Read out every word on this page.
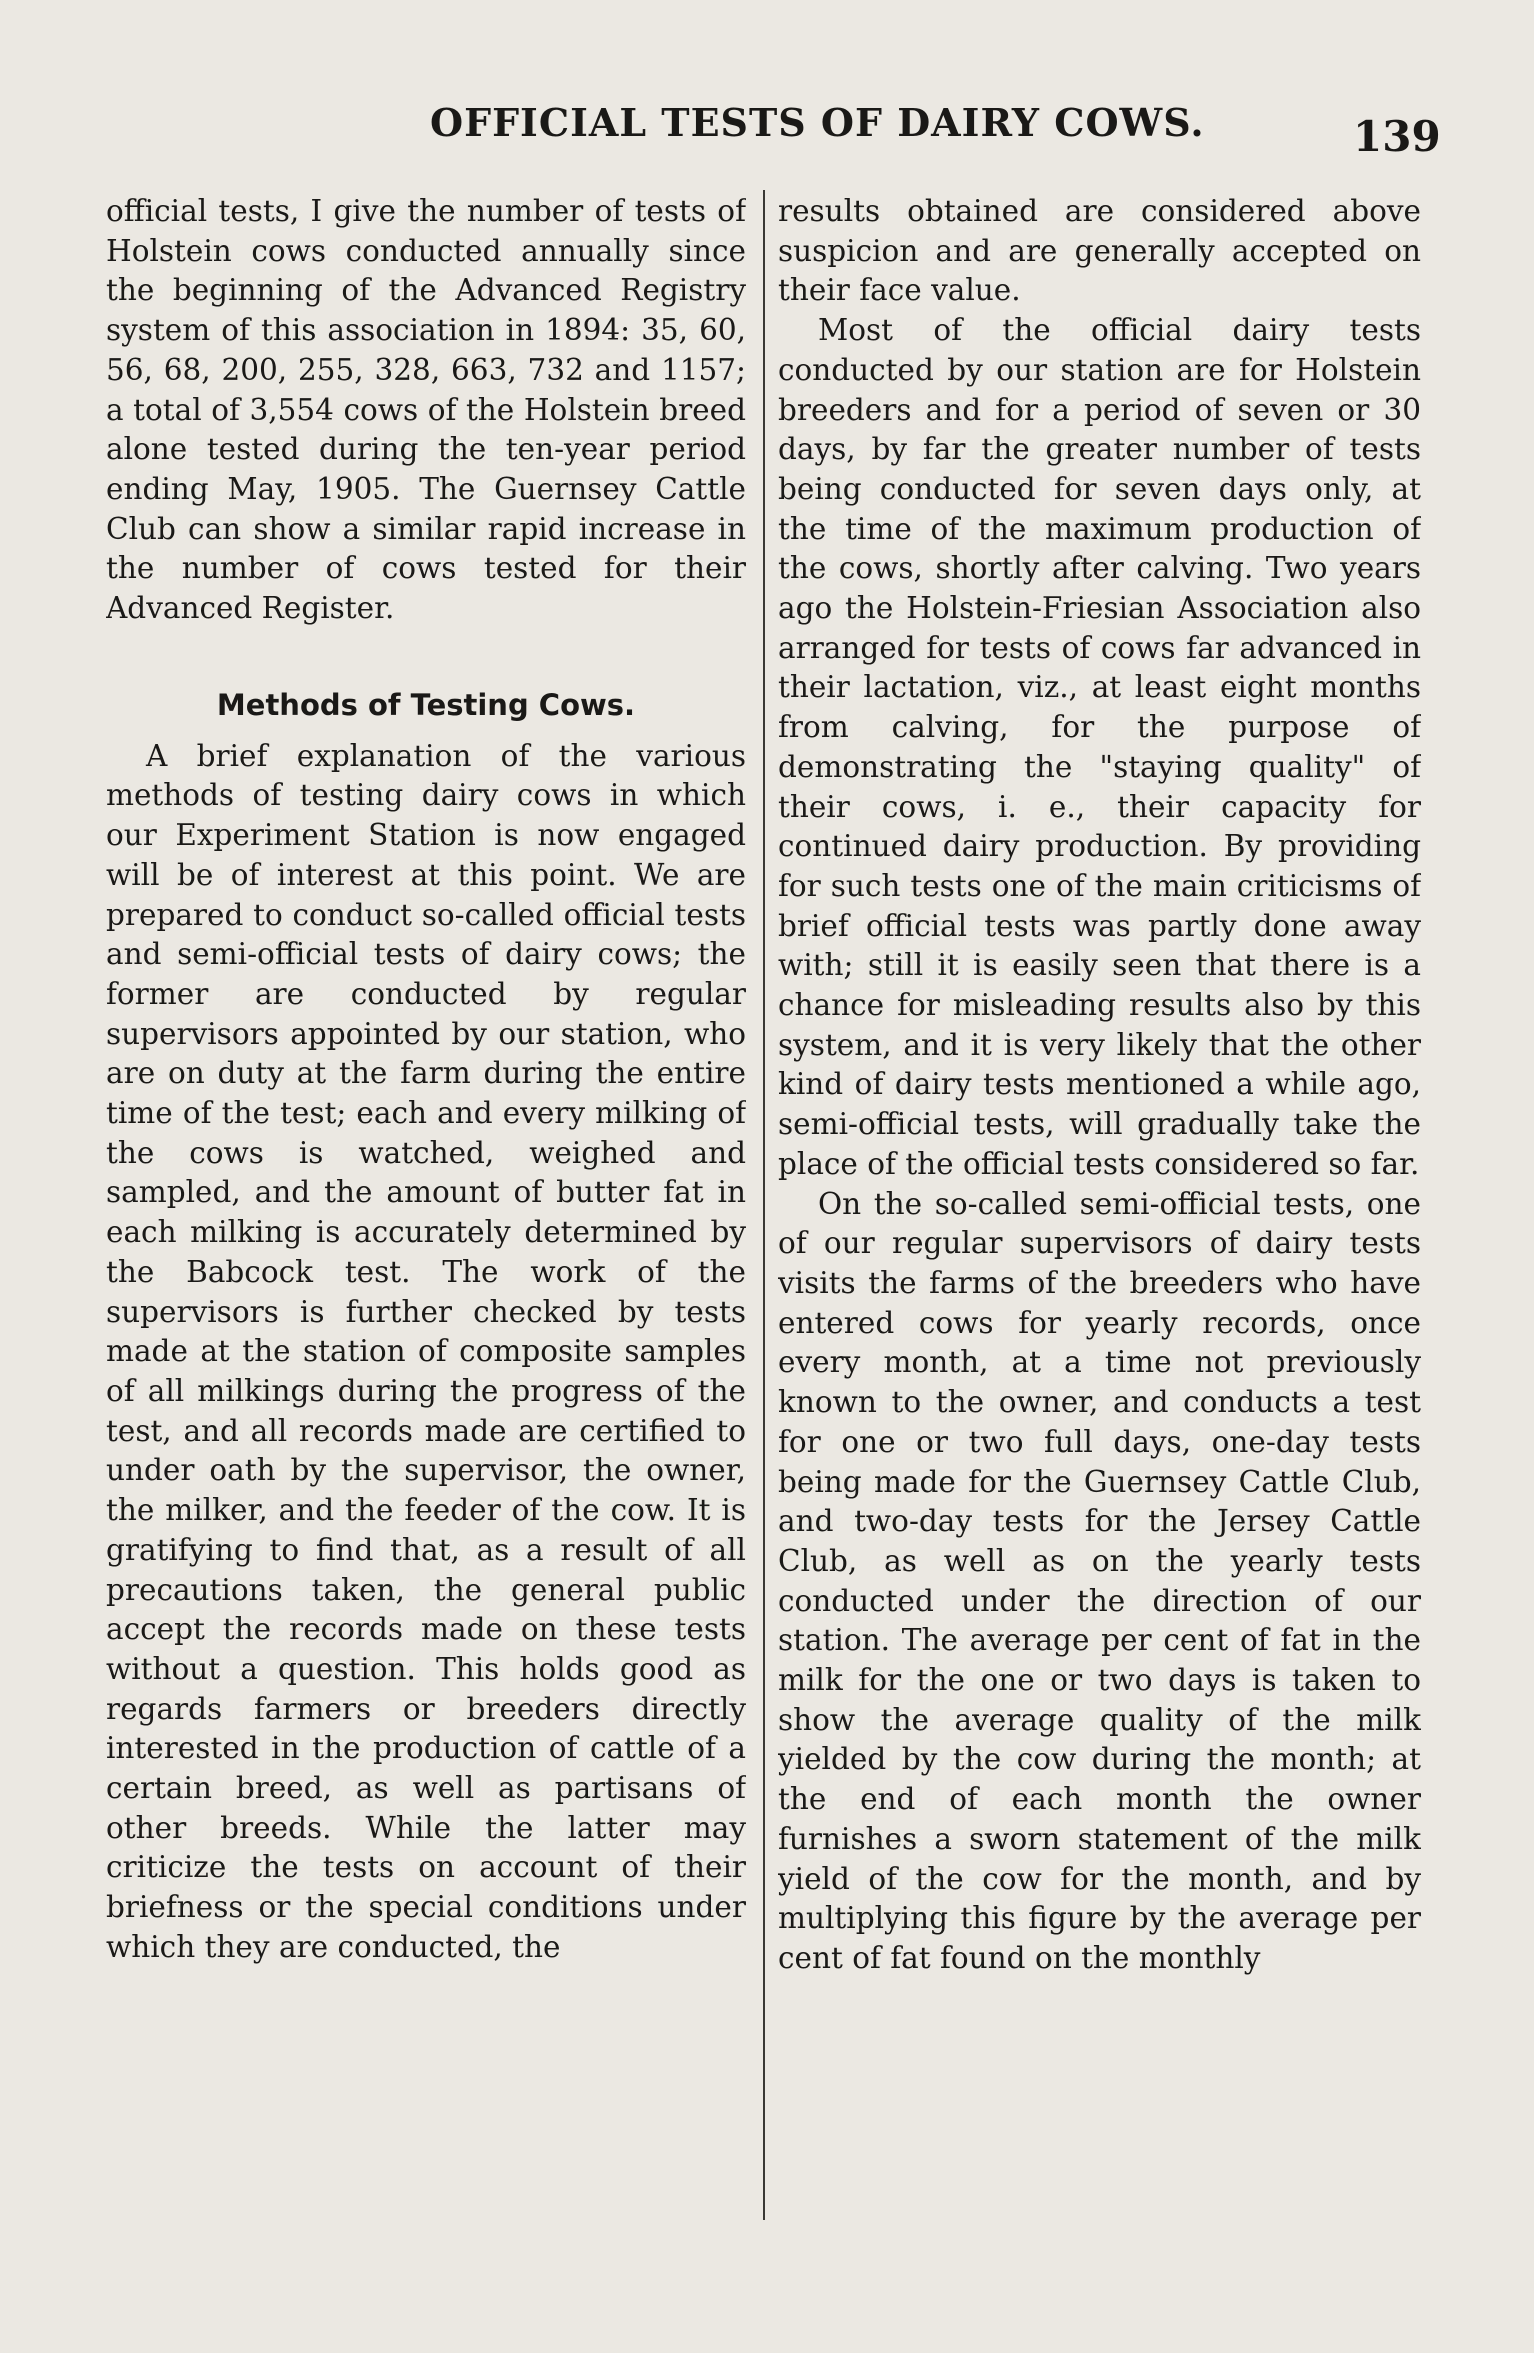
OFFICIAL TESTS OF DAIRY COWS.	139

official tests, I give the number of tests of Holstein cows conducted annually since the beginning of the Advanced Registry system of this association in 1894: 35, 60, 56, 68, 200, 255, 328, 663, 732 and 1157; a total of 3,554 cows of the Holstein breed alone tested during the ten-year period ending May, 1905. The Guernsey Cattle Club can show a similar rapid increase in the number of cows tested for their Advanced Register.

Methods of Testing Cows.

A brief explanation of the various methods of testing dairy cows in which our Experiment Station is now engaged will be of interest at this point. We are prepared to conduct so-called official tests and semi-official tests of dairy cows; the former are conducted by regular supervisors appointed by our station, who are on duty at the farm during the entire time of the test; each and every milking of the cows is watched, weighed and sampled, and the amount of butter fat in each milking is accurately determined by the Babcock test. The work of the supervisors is further checked by tests made at the station of composite samples of all milkings during the progress of the test, and all records made are certified to under oath by the supervisor, the owner, the milker, and the feeder of the cow. It is gratifying to find that, as a result of all precautions taken, the general public accept the records made on these tests without a question. This holds good as regards farmers or breeders directly interested in the production of cattle of a certain breed, as well as partisans of other breeds. While the latter may criticize the tests on account of their briefness or the special conditions under which they are conducted, the

results obtained are considered above suspicion and are generally accepted on their face value.

Most of the official dairy tests conducted by our station are for Holstein breeders and for a period of seven or 30 days, by far the greater number of tests being conducted for seven days only, at the time of the maximum production of the cows, shortly after calving. Two years ago the Holstein-Friesian Association also arranged for tests of cows far advanced in their lactation, viz., at least eight months from calving, for the purpose of demonstrating the "staying quality" of their cows, i. e., their capacity for continued dairy production. By providing for such tests one of the main criticisms of brief official tests was partly done away with; still it is easily seen that there is a chance for misleading results also by this system, and it is very likely that the other kind of dairy tests mentioned a while ago, semi-official tests, will gradually take the place of the official tests considered so far.

On the so-called semi-official tests, one of our regular supervisors of dairy tests visits the farms of the breeders who have entered cows for yearly records, once every month, at a time not previously known to the owner, and conducts a test for one or two full days, one-day tests being made for the Guernsey Cattle Club, and two-day tests for the Jersey Cattle Club, as well as on the yearly tests conducted under the direction of our station. The average per cent of fat in the milk for the one or two days is taken to show the average quality of the milk yielded by the cow during the month; at the end of each month the owner furnishes a sworn statement of the milk yield of the cow for the month, and by multiplying this figure by the average per cent of fat found on the monthly
